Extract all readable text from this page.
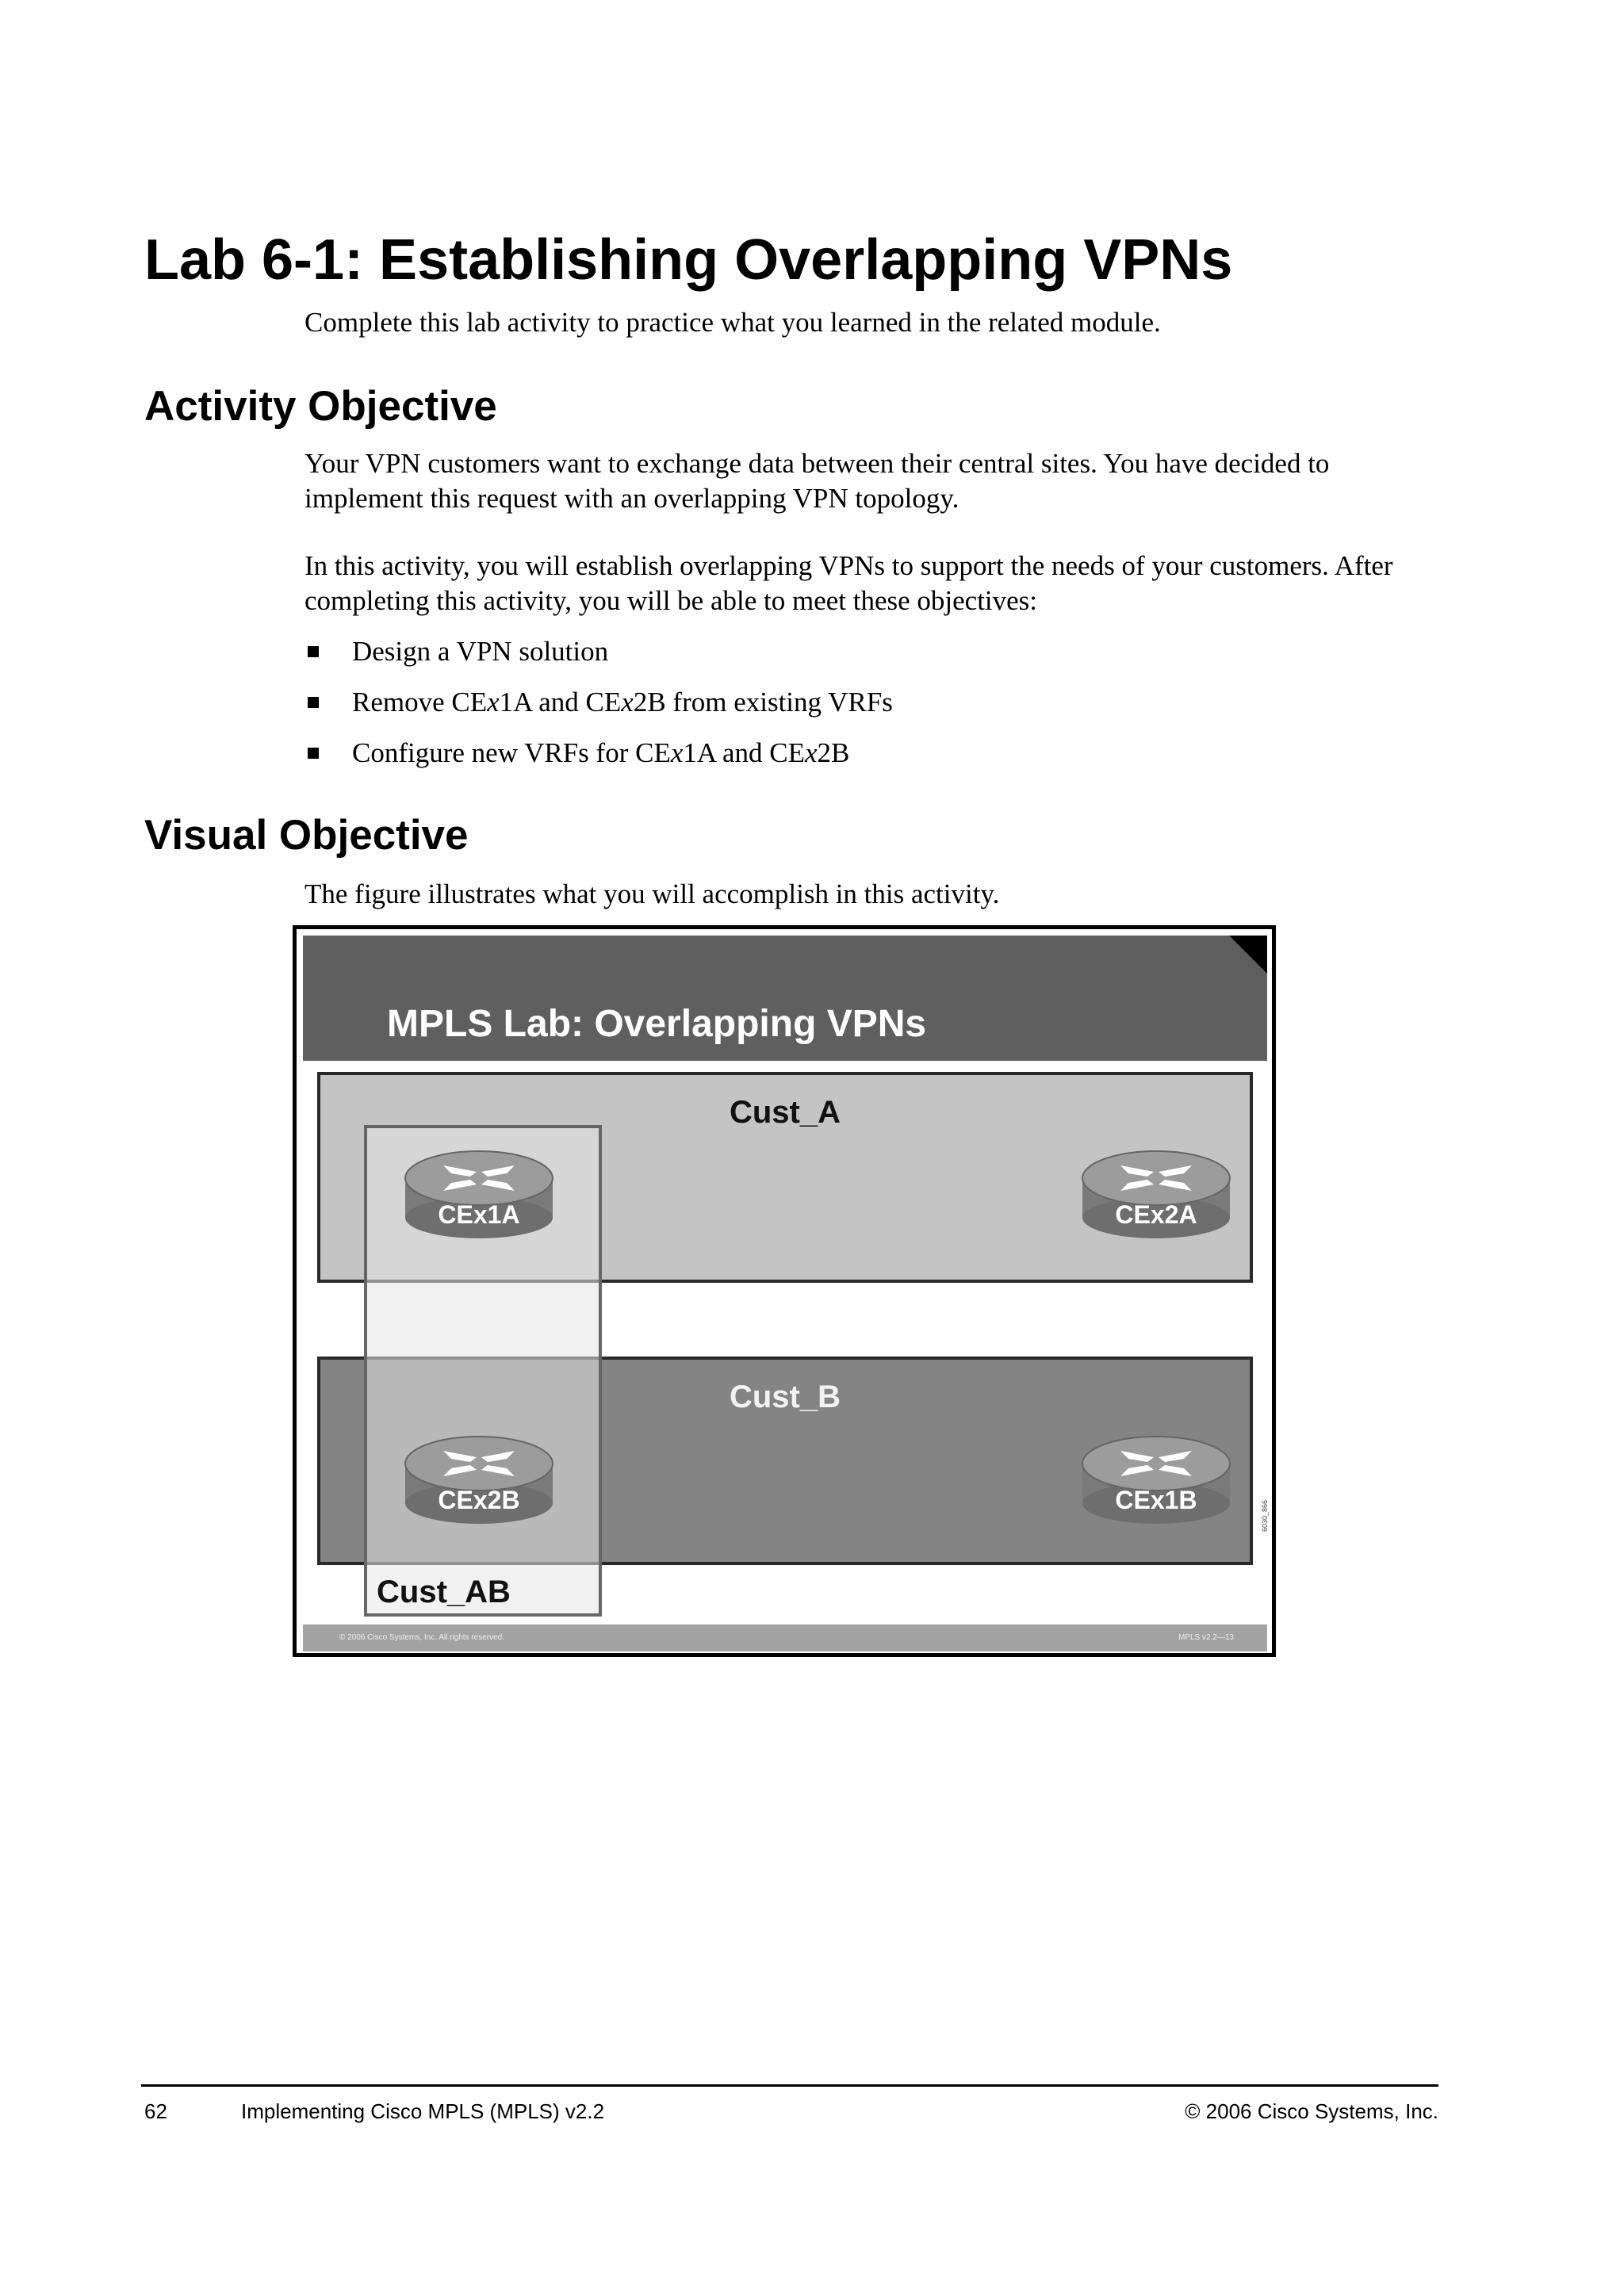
Lab 6-1: Establishing Overlapping VPNs

Complete this lab activity to practice what you learned in the related module.

Activity Objective

Your VPN customers want to exchange data between their central sites. You have decided to implement this request with an overlapping VPN topology.

In this activity, you will establish overlapping VPNs to support the needs of your customers. After completing this activity, you will be able to meet these objectives:

Design a VPN solution
Remove CEx1A and CEx2B from existing VRFs
Configure new VRFs for CEx1A and CEx2B
Visual Objective

The figure illustrates what you will accomplish in this activity.

MPLS Lab: Overlapping VPNs

Cust_A

Cust_B

Cust_AB

CEx1A	CEx2A

CEx2B	CEx1B	6030_866

© 2006 Cisco Systems, Inc. All rights reserved.	MPLS v2.2—13

62	Implementing Cisco MPLS (MPLS) v2.2	© 2006 Cisco Systems, Inc.
